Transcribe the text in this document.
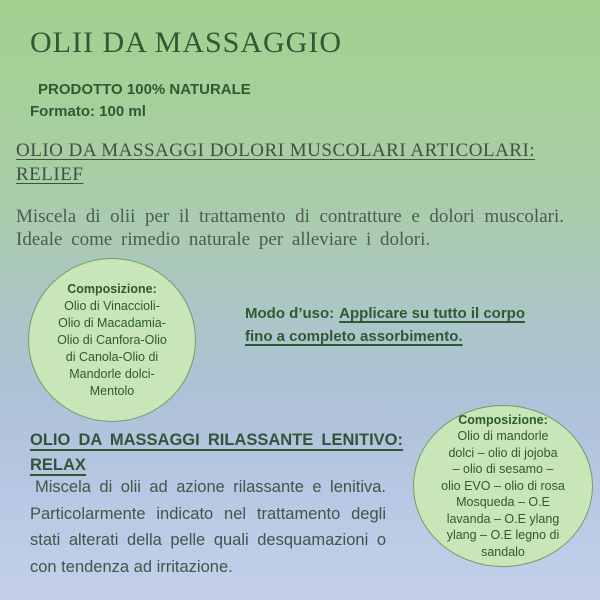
OLII DA MASSAGGIO
PRODOTTO 100% NATURALE
Formato: 100 ml
OLIO DA MASSAGGI DOLORI MUSCOLARI ARTICOLARI: RELIEF

Miscela di olii per il trattamento di contratture e dolori muscolari. Ideale come rimedio naturale per alleviare i dolori.

Composizione:
Olio di Vinaccioli-
Olio di Macadamia-
Olio di Canfora-Olio
di Canola-Olio di
Mandorle dolci-
Mentolo

Modo d’uso: Applicare su tutto il corpo fino a completo assorbimento.

OLIO DA MASSAGGI RILASSANTE LENITIVO: RELAX

Miscela di olii ad azione rilassante e lenitiva. Particolarmente indicato nel trattamento degli stati alterati della pelle quali desquamazioni o con tendenza ad irritazione.

Composizione:
Olio di mandorle
dolci – olio di jojoba
– olio di sesamo –
olio EVO – olio di rosa
Mosqueda – O.E
lavanda – O.E ylang
ylang – O.E legno di
sandalo
